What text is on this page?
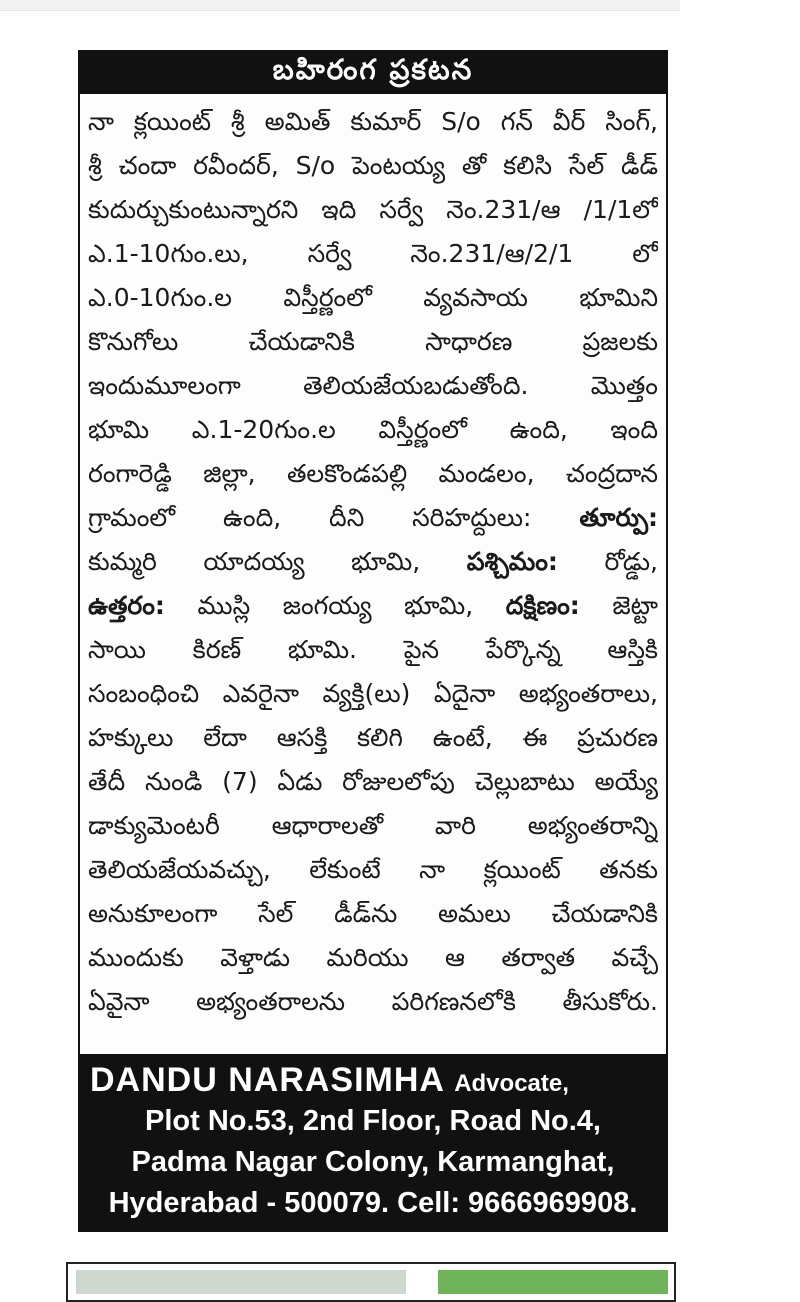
బహిరంగ ప్రకటన
నా క్లయింట్ శ్రీ అమిత్ కుమార్ S/o గన్ వీర్ సింగ్,
శ్రీ చందా రవీందర్, S/o పెంటయ్య తో కలిసి సేల్ డీడ్
కుదుర్చుకుంటున్నారని ఇది సర్వే నెం.231/ఆ /1/1లో
ఎ.1-10గుం.లు, సర్వే నెం.231/ఆ/2/1 లో
ఎ.0-10గుం.ల విస్తీర్ణంలో వ్యవసాయ భూమిని
కొనుగోలు చేయడానికి సాధారణ ప్రజలకు
ఇందుమూలంగా తెలియజేయబడుతోంది. మొత్తం
భూమి ఎ.1-20గుం.ల విస్తీర్ణంలో ఉంది, ఇంది
రంగారెడ్డి జిల్లా, తలకొండపల్లి మండలం, చంద్రదాన
గ్రామంలో ఉంది, దీని సరిహద్దులు: తూర్పు:
కుమ్మరి యాదయ్య భూమి, పశ్చిమం: రోడ్డు,
ఉత్తరం: ముస్లి జంగయ్య భూమి, దక్షిణం: జెట్టా
సాయి కిరణ్ భూమి. పైన పేర్కొన్న ఆస్తికి
సంబంధించి ఎవరైనా వ్యక్తి(లు) ఏదైనా అభ్యంతరాలు,
హక్కులు లేదా ఆసక్తి కలిగి ఉంటే, ఈ ప్రచురణ
తేదీ నుండి (7) ఏడు రోజులలోపు చెల్లుబాటు అయ్యే
డాక్యుమెంటరీ ఆధారాలతో వారి అభ్యంతరాన్ని
తెలియజేయవచ్చు, లేకుంటే నా క్లయింట్ తనకు
అనుకూలంగా సేల్ డీడ్‌ను అమలు చేయడానికి
ముందుకు వెళ్తాడు మరియు ఆ తర్వాత వచ్చే
ఏవైనా అభ్యంతరాలను పరిగణనలోకి తీసుకోరు.
DANDU NARASIMHA Advocate,
Plot No.53, 2nd Floor, Road No.4,
Padma Nagar Colony, Karmanghat,
Hyderabad - 500079. Cell: 9666969908.
